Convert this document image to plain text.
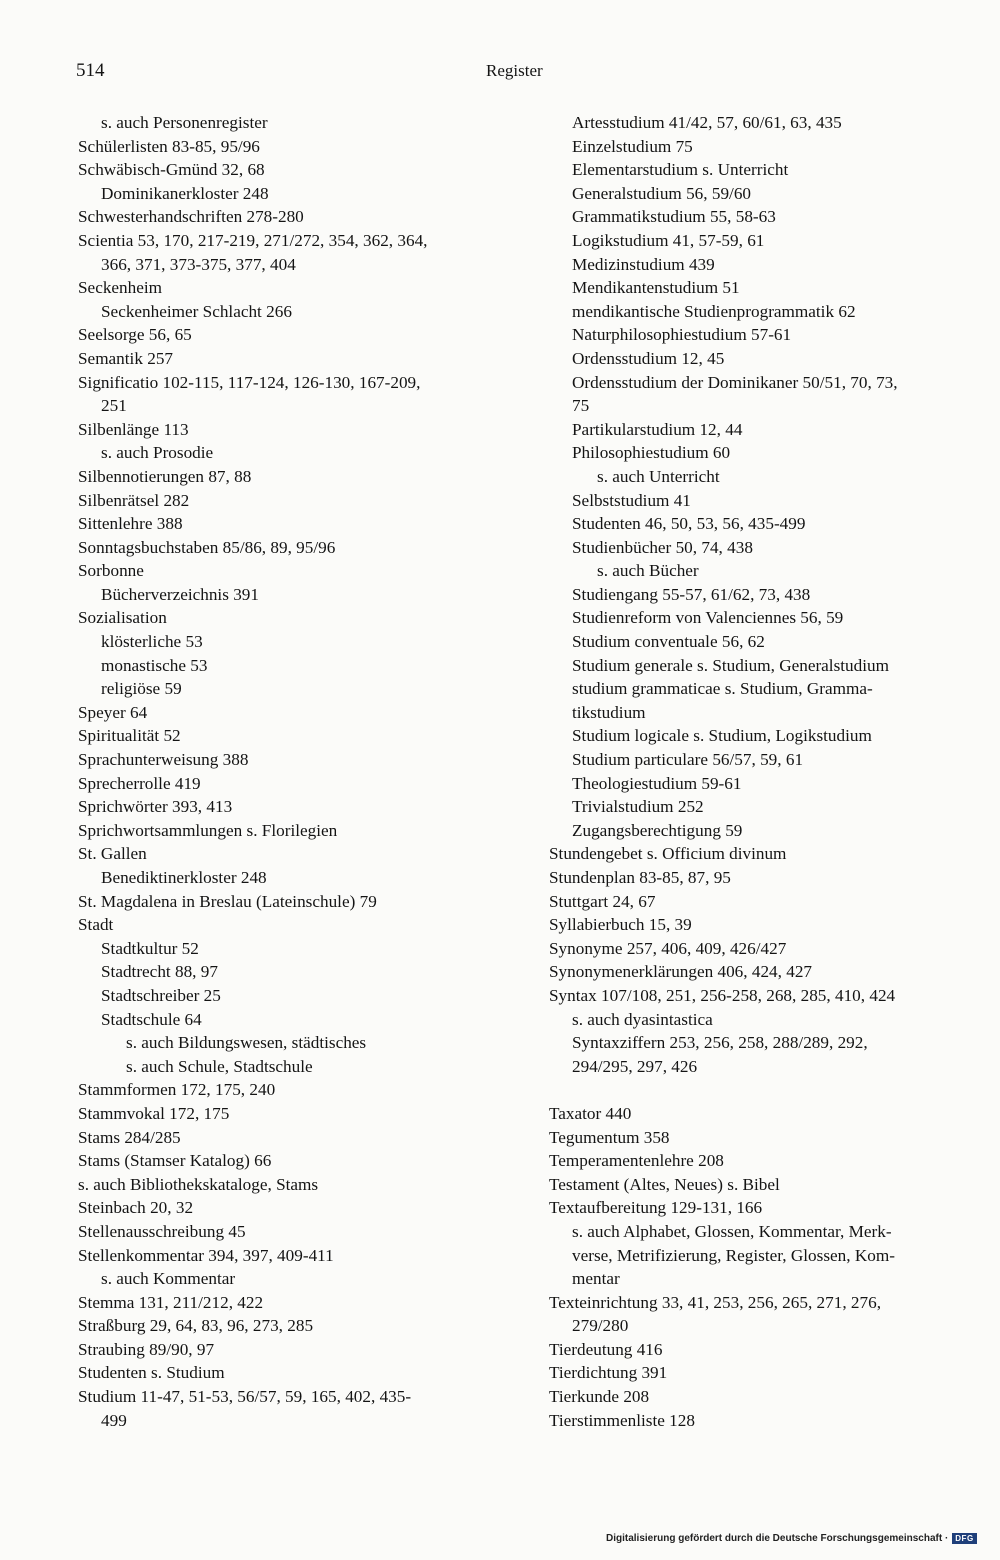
514	Register
s. auch Personenregister
Schülerlisten 83-85, 95/96
Schwäbisch-Gmünd 32, 68
Dominikanerkloster 248
Schwesterhandschriften 278-280
Scientia 53, 170, 217-219, 271/272, 354, 362, 364,
366, 371, 373-375, 377, 404
Seckenheim
Seckenheimer Schlacht 266
Seelsorge 56, 65
Semantik 257
Significatio 102-115, 117-124, 126-130, 167-209,
251
Silbenlänge 113
s. auch Prosodie
Silbennotierungen 87, 88
Silbenrätsel 282
Sittenlehre 388
Sonntagsbuchstaben 85/86, 89, 95/96
Sorbonne
Bücherverzeichnis 391
Sozialisation
klösterliche 53
monastische 53
religiöse 59
Speyer 64
Spiritualität 52
Sprachunterweisung 388
Sprecherrolle 419
Sprichwörter 393, 413
Sprichwortsammlungen s. Florilegien
St. Gallen
Benediktinerkloster 248
St. Magdalena in Breslau (Lateinschule) 79
Stadt
Stadtkultur 52
Stadtrecht 88, 97
Stadtschreiber 25
Stadtschule 64
s. auch Bildungswesen, städtisches
s. auch Schule, Stadtschule
Stammformen 172, 175, 240
Stammvokal 172, 175
Stams 284/285
Stams (Stamser Katalog) 66
s. auch Bibliothekskataloge, Stams
Steinbach 20, 32
Stellenausschreibung 45
Stellenkommentar 394, 397, 409-411
s. auch Kommentar
Stemma 131, 211/212, 422
Straßburg 29, 64, 83, 96, 273, 285
Straubing 89/90, 97
Studenten s. Studium
Studium 11-47, 51-53, 56/57, 59, 165, 402, 435-
499
Artesstudium 41/42, 57, 60/61, 63, 435
Einzelstudium 75
Elementarstudium s. Unterricht
Generalstudium 56, 59/60
Grammatikstudium 55, 58-63
Logikstudium 41, 57-59, 61
Medizinstudium 439
Mendikantenstudium 51
mendikantische Studienprogrammatik 62
Naturphilosophiestudium 57-61
Ordensstudium 12, 45
Ordensstudium der Dominikaner 50/51, 70, 73,
75
Partikularstudium 12, 44
Philosophiestudium 60
s. auch Unterricht
Selbststudium 41
Studenten 46, 50, 53, 56, 435-499
Studienbücher 50, 74, 438
s. auch Bücher
Studiengang 55-57, 61/62, 73, 438
Studienreform von Valenciennes 56, 59
Studium conventuale 56, 62
Studium generale s. Studium, Generalstudium
studium grammaticae s. Studium, Gramma-
tikstudium
Studium logicale s. Studium, Logikstudium
Studium particulare 56/57, 59, 61
Theologiestudium 59-61
Trivialstudium 252
Zugangsberechtigung 59
Stundengebet s. Officium divinum
Stundenplan 83-85, 87, 95
Stuttgart 24, 67
Syllabierbuch 15, 39
Synonyme 257, 406, 409, 426/427
Synonymenerklärungen 406, 424, 427
Syntax 107/108, 251, 256-258, 268, 285, 410, 424
s. auch dyasintastica
Syntaxziffern 253, 256, 258, 288/289, 292,
294/295, 297, 426
Taxator 440
Tegumentum 358
Temperamentenlehre 208
Testament (Altes, Neues) s. Bibel
Textaufbereitung 129-131, 166
s. auch Alphabet, Glossen, Kommentar, Merk-
verse, Metrifizierung, Register, Glossen, Kom-
mentar
Texteinrichtung 33, 41, 253, 256, 265, 271, 276,
279/280
Tierdeutung 416
Tierdichtung 391
Tierkunde 208
Tierstimmenliste 128
Digitalisierung gefördert durch die Deutsche Forschungsgemeinschaft · DFG
